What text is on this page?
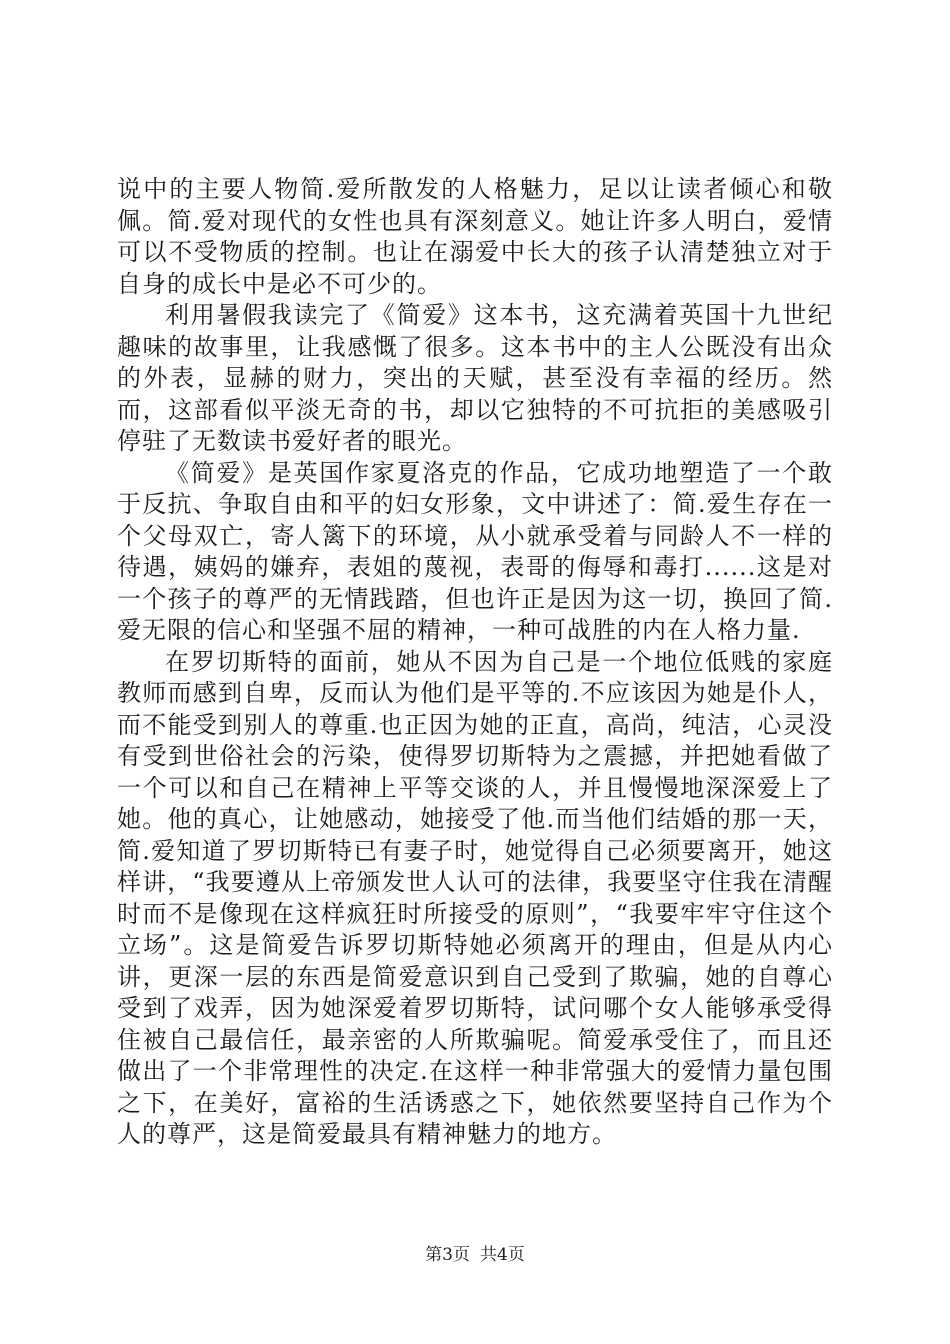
说中的主要人物简.爱所散发的人格魅力，足以让读者倾心和敬佩。简.爱对现代的女性也具有深刻意义。她让许多人明白，爱情可以不受物质的控制。也让在溺爱中长大的孩子认清楚独立对于自身的成长中是必不可少的。

利用暑假我读完了《简爱》这本书，这充满着英国十九世纪趣味的故事里，让我感慨了很多。这本书中的主人公既没有出众的外表，显赫的财力，突出的天赋，甚至没有幸福的经历。然而，这部看似平淡无奇的书，却以它独特的不可抗拒的美感吸引停驻了无数读书爱好者的眼光。

《简爱》是英国作家夏洛克的作品，它成功地塑造了一个敢于反抗、争取自由和平的妇女形象，文中讲述了：简.爱生存在一个父母双亡，寄人篱下的环境，从小就承受着与同龄人不一样的待遇，姨妈的嫌弃，表姐的蔑视，表哥的侮辱和毒打......这是对一个孩子的尊严的无情践踏，但也许正是因为这一切，换回了简.爱无限的信心和坚强不屈的精神，一种可战胜的内在人格力量.

在罗切斯特的面前，她从不因为自己是一个地位低贱的家庭教师而感到自卑，反而认为他们是平等的.不应该因为她是仆人，而不能受到别人的尊重.也正因为她的正直，高尚，纯洁，心灵没有受到世俗社会的污染，使得罗切斯特为之震撼，并把她看做了一个可以和自己在精神上平等交谈的人，并且慢慢地深深爱上了她。他的真心，让她感动，她接受了他.而当他们结婚的那一天，简.爱知道了罗切斯特已有妻子时，她觉得自己必须要离开，她这样讲，“我要遵从上帝颁发世人认可的法律，我要坚守住我在清醒时而不是像现在这样疯狂时所接受的原则”，“我要牢牢守住这个立场”。这是简爱告诉罗切斯特她必须离开的理由，但是从内心讲，更深一层的东西是简爱意识到自己受到了欺骗，她的自尊心受到了戏弄，因为她深爱着罗切斯特，试问哪个女人能够承受得住被自己最信任，最亲密的人所欺骗呢。简爱承受住了，而且还做出了一个非常理性的决定.在这样一种非常强大的爱情力量包围之下，在美好，富裕的生活诱惑之下，她依然要坚持自己作为个人的尊严，这是简爱最具有精神魅力的地方。

第3页 共4页
